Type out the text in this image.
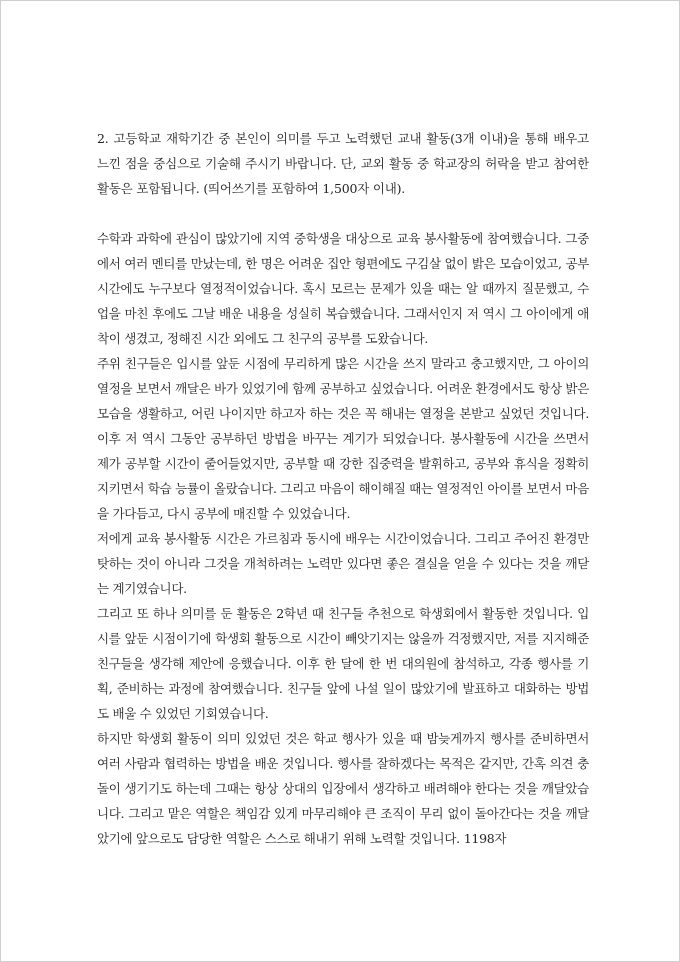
2. 고등학교 재학기간 중 본인이 의미를 두고 노력했던 교내 활동(3개 이내)을 통해 배우고 느낀 점을 중심으로 기술해 주시기 바랍니다. 단, 교외 활동 중 학교장의 허락을 받고 참여한 활동은 포함됩니다. (띄어쓰기를 포함하여 1,500자 이내).

수학과 과학에 관심이 많았기에 지역 중학생을 대상으로 교육 봉사활동에 참여했습니다. 그중에서 여러 멘티를 만났는데, 한 명은 어려운 집안 형편에도 구김살 없이 밝은 모습이었고, 공부시간에도 누구보다 열정적이었습니다. 혹시 모르는 문제가 있을 때는 알 때까지 질문했고, 수업을 마친 후에도 그날 배운 내용을 성실히 복습했습니다. 그래서인지 저 역시 그 아이에게 애착이 생겼고, 정해진 시간 외에도 그 친구의 공부를 도왔습니다.

주위 친구들은 입시를 앞둔 시점에 무리하게 많은 시간을 쓰지 말라고 충고했지만, 그 아이의 열정을 보면서 깨달은 바가 있었기에 함께 공부하고 싶었습니다. 어려운 환경에서도 항상 밝은 모습을 생활하고, 어린 나이지만 하고자 하는 것은 꼭 해내는 열정을 본받고 싶었던 것입니다. 이후 저 역시 그동안 공부하던 방법을 바꾸는 계기가 되었습니다. 봉사활동에 시간을 쓰면서 제가 공부할 시간이 줄어들었지만, 공부할 때 강한 집중력을 발휘하고, 공부와 휴식을 정확히 지키면서 학습 능률이 올랐습니다. 그리고 마음이 해이해질 때는 열정적인 아이를 보면서 마음을 가다듬고, 다시 공부에 매진할 수 있었습니다.

저에게 교육 봉사활동 시간은 가르침과 동시에 배우는 시간이었습니다. 그리고 주어진 환경만 탓하는 것이 아니라 그것을 개척하려는 노력만 있다면 좋은 결실을 얻을 수 있다는 것을 깨닫는 계기였습니다.

그리고 또 하나 의미를 둔 활동은 2학년 때 친구들 추천으로 학생회에서 활동한 것입니다. 입시를 앞둔 시점이기에 학생회 활동으로 시간이 빼앗기지는 않을까 걱정했지만, 저를 지지해준 친구들을 생각해 제안에 응했습니다. 이후 한 달에 한 번 대의원에 참석하고, 각종 행사를 기획, 준비하는 과정에 참여했습니다. 친구들 앞에 나설 일이 많았기에 발표하고 대화하는 방법도 배울 수 있었던 기회였습니다.

하지만 학생회 활동이 의미 있었던 것은 학교 행사가 있을 때 밤늦게까지 행사를 준비하면서 여러 사람과 협력하는 방법을 배운 것입니다. 행사를 잘하겠다는 목적은 같지만, 간혹 의견 충돌이 생기기도 하는데 그때는 항상 상대의 입장에서 생각하고 배려해야 한다는 것을 깨달았습니다. 그리고 맡은 역할은 책임감 있게 마무리해야 큰 조직이 무리 없이 돌아간다는 것을 깨달았기에 앞으로도 담당한 역할은 스스로 해내기 위해 노력할 것입니다. 1198자
